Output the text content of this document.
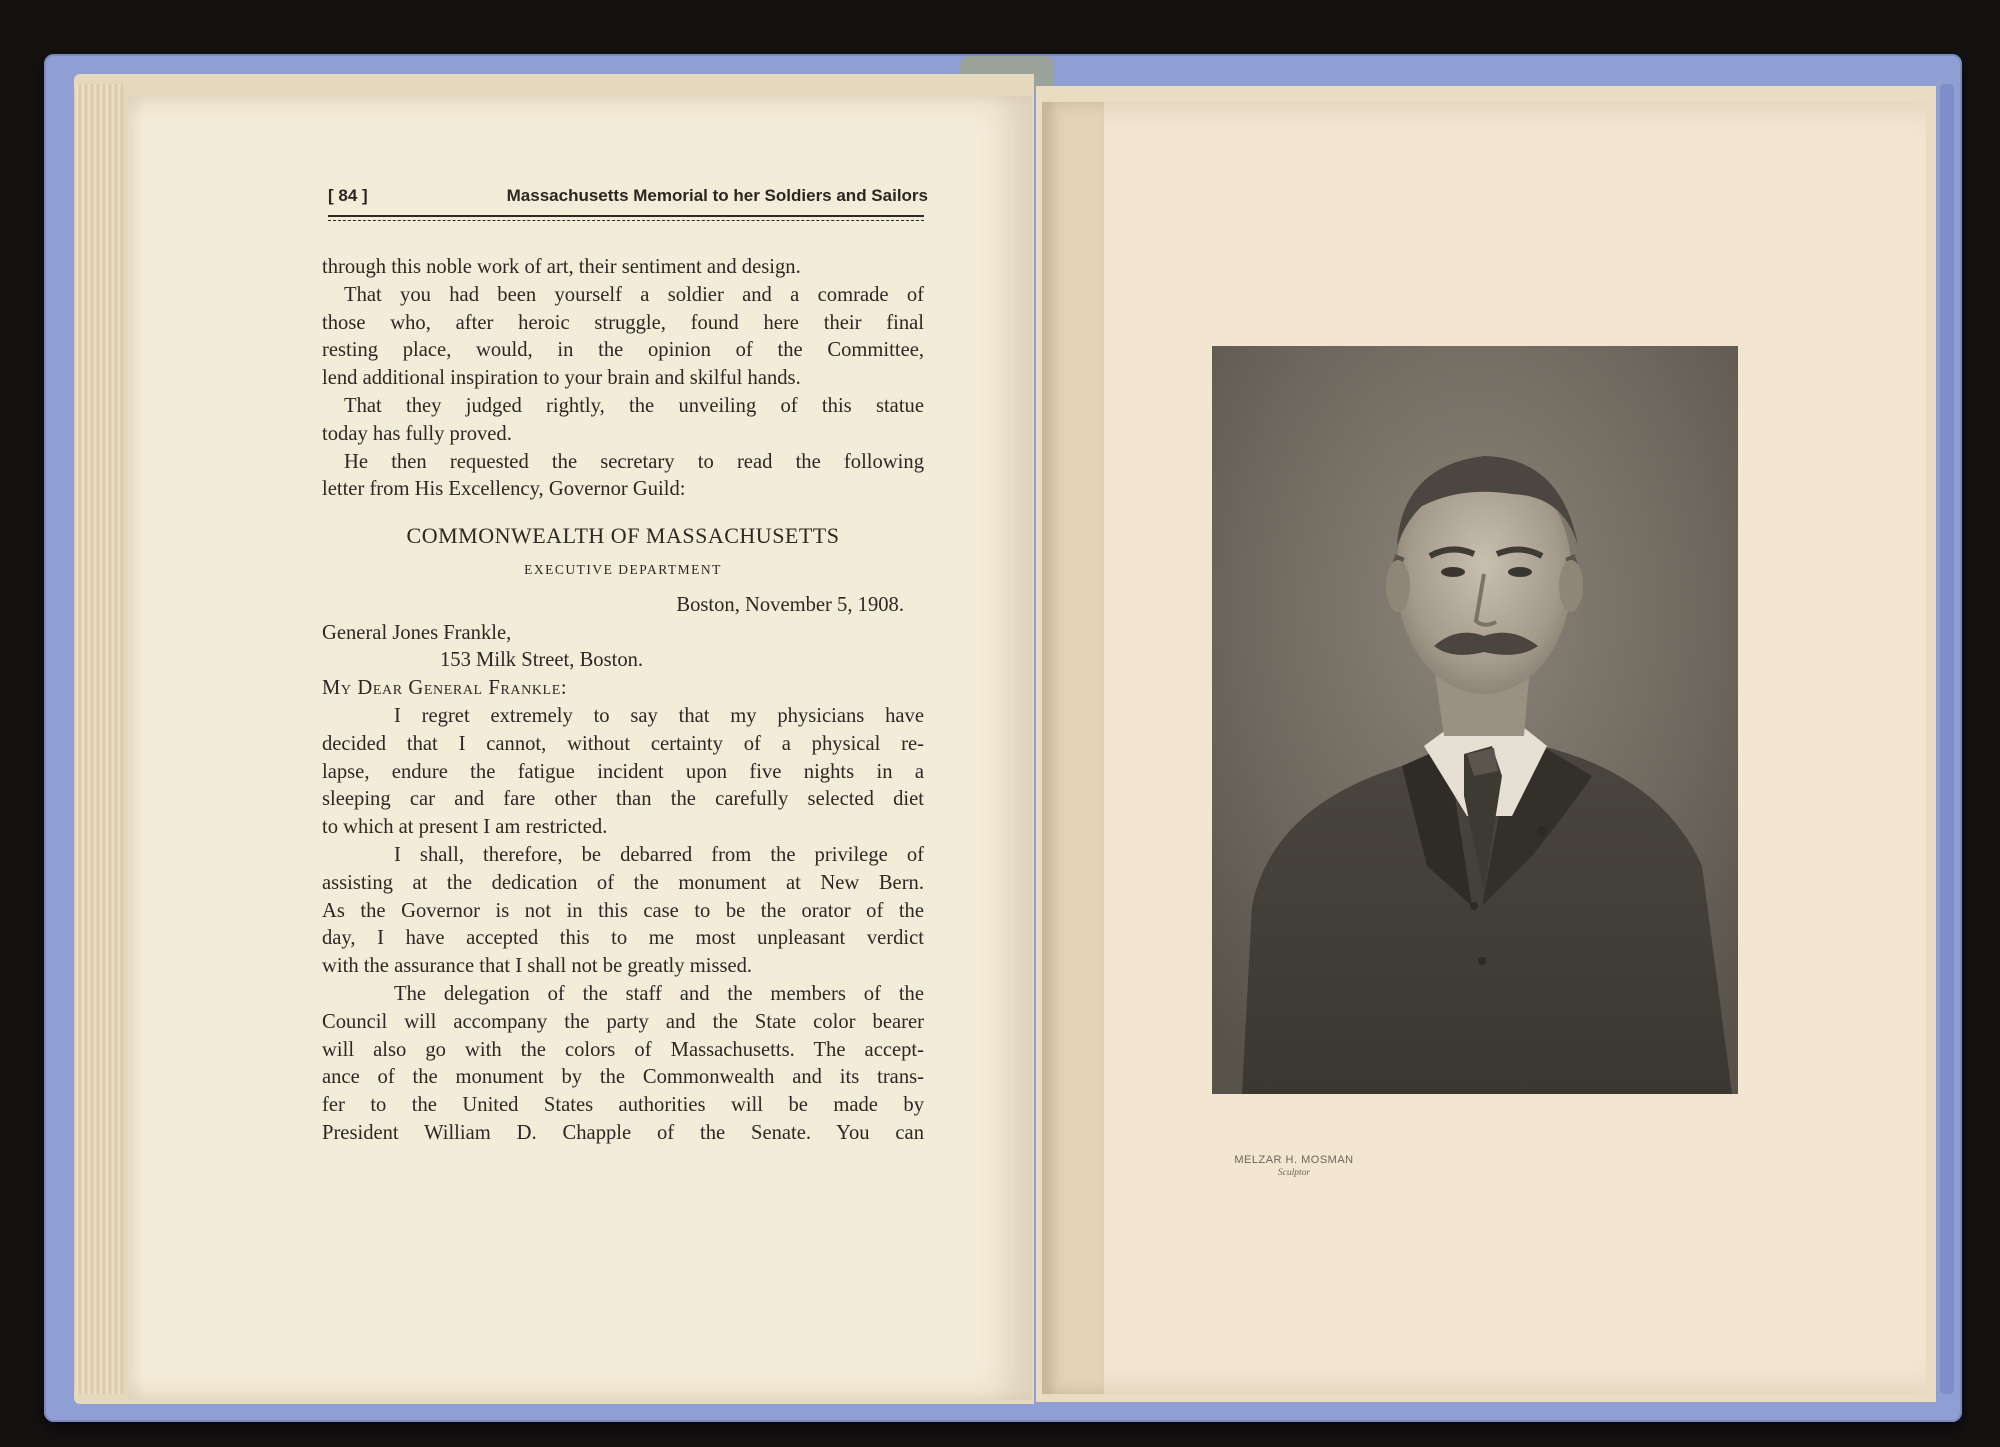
[ 84 ]	Massachusetts Memorial to her Soldiers and Sailors
through this noble work of art, their sentiment and design.
That you had been yourself a soldier and a comrade of
those who, after heroic struggle, found here their final
resting place, would, in the opinion of the Committee,
lend additional inspiration to your brain and skilful hands.
That they judged rightly, the unveiling of this statue
today has fully proved.
He then requested the secretary to read the following
letter from His Excellency, Governor Guild:
COMMONWEALTH OF MASSACHUSETTS
EXECUTIVE DEPARTMENT
Boston, November 5, 1908.
General Jones Frankle,
153 Milk Street, Boston.
My Dear General Frankle:
I regret extremely to say that my physicians have
decided that I cannot, without certainty of a physical re-
lapse, endure the fatigue incident upon five nights in a
sleeping car and fare other than the carefully selected diet
to which at present I am restricted.
I shall, therefore, be debarred from the privilege of
assisting at the dedication of the monument at New Bern.
As the Governor is not in this case to be the orator of the
day, I have accepted this to me most unpleasant verdict
with the assurance that I shall not be greatly missed.
The delegation of the staff and the members of the
Council will accompany the party and the State color bearer
will also go with the colors of Massachusetts. The accept-
ance of the monument by the Commonwealth and its trans-
fer to the United States authorities will be made by
President William D. Chapple of the Senate. You can
MELZAR H. MOSMAN
Sculptor
